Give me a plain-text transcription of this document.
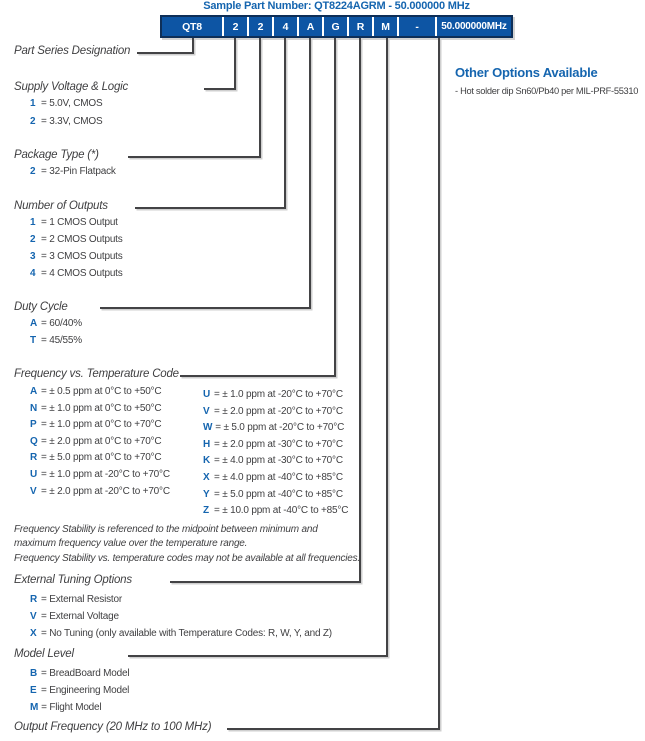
Sample Part Number: QT8224AGRM - 50.000000 MHz
QT8	2	2	4	A	G	R	M	-	50.000000MHz
Part Series Designation
Supply Voltage & Logic
1 = 5.0V, CMOS
2 = 3.3V, CMOS
Package Type (*)
2 = 32-Pin Flatpack
Number of Outputs
1 = 1 CMOS Output
2 = 2 CMOS Outputs
3 = 3 CMOS Outputs
4 = 4 CMOS Outputs
Duty Cycle
A = 60/40%
T = 45/55%
Frequency vs. Temperature Code
A = ± 0.5 ppm at 0°C to +50°C
N = ± 1.0 ppm at 0°C to +50°C
P = ± 1.0 ppm at 0°C to +70°C
Q = ± 2.0 ppm at 0°C to +70°C
R = ± 5.0 ppm at 0°C to +70°C
U = ± 1.0 ppm at -20°C to +70°C
V = ± 2.0 ppm at -20°C to +70°C
U = ± 1.0 ppm at -20°C to +70°C
V = ± 2.0 ppm at -20°C to +70°C
W = ± 5.0 ppm at -20°C to +70°C
H = ± 2.0 ppm at -30°C to +70°C
K = ± 4.0 ppm at -30°C to +70°C
X = ± 4.0 ppm at -40°C to +85°C
Y = ± 5.0 ppm at -40°C to +85°C
Z = ± 10.0 ppm at -40°C to +85°C
Frequency Stability is referenced to the midpoint between minimum and maximum frequency value over the temperature range.
Frequency Stability vs. temperature codes may not be available at all frequencies.
External Tuning Options
R = External Resistor
V = External Voltage
X = No Tuning (only available with Temperature Codes: R, W, Y, and Z)
Model Level
B = BreadBoard Model
E = Engineering Model
M = Flight Model
Output Frequency (20 MHz to 100 MHz)
Other Options Available
- Hot solder dip Sn60/Pb40 per MIL-PRF-55310
